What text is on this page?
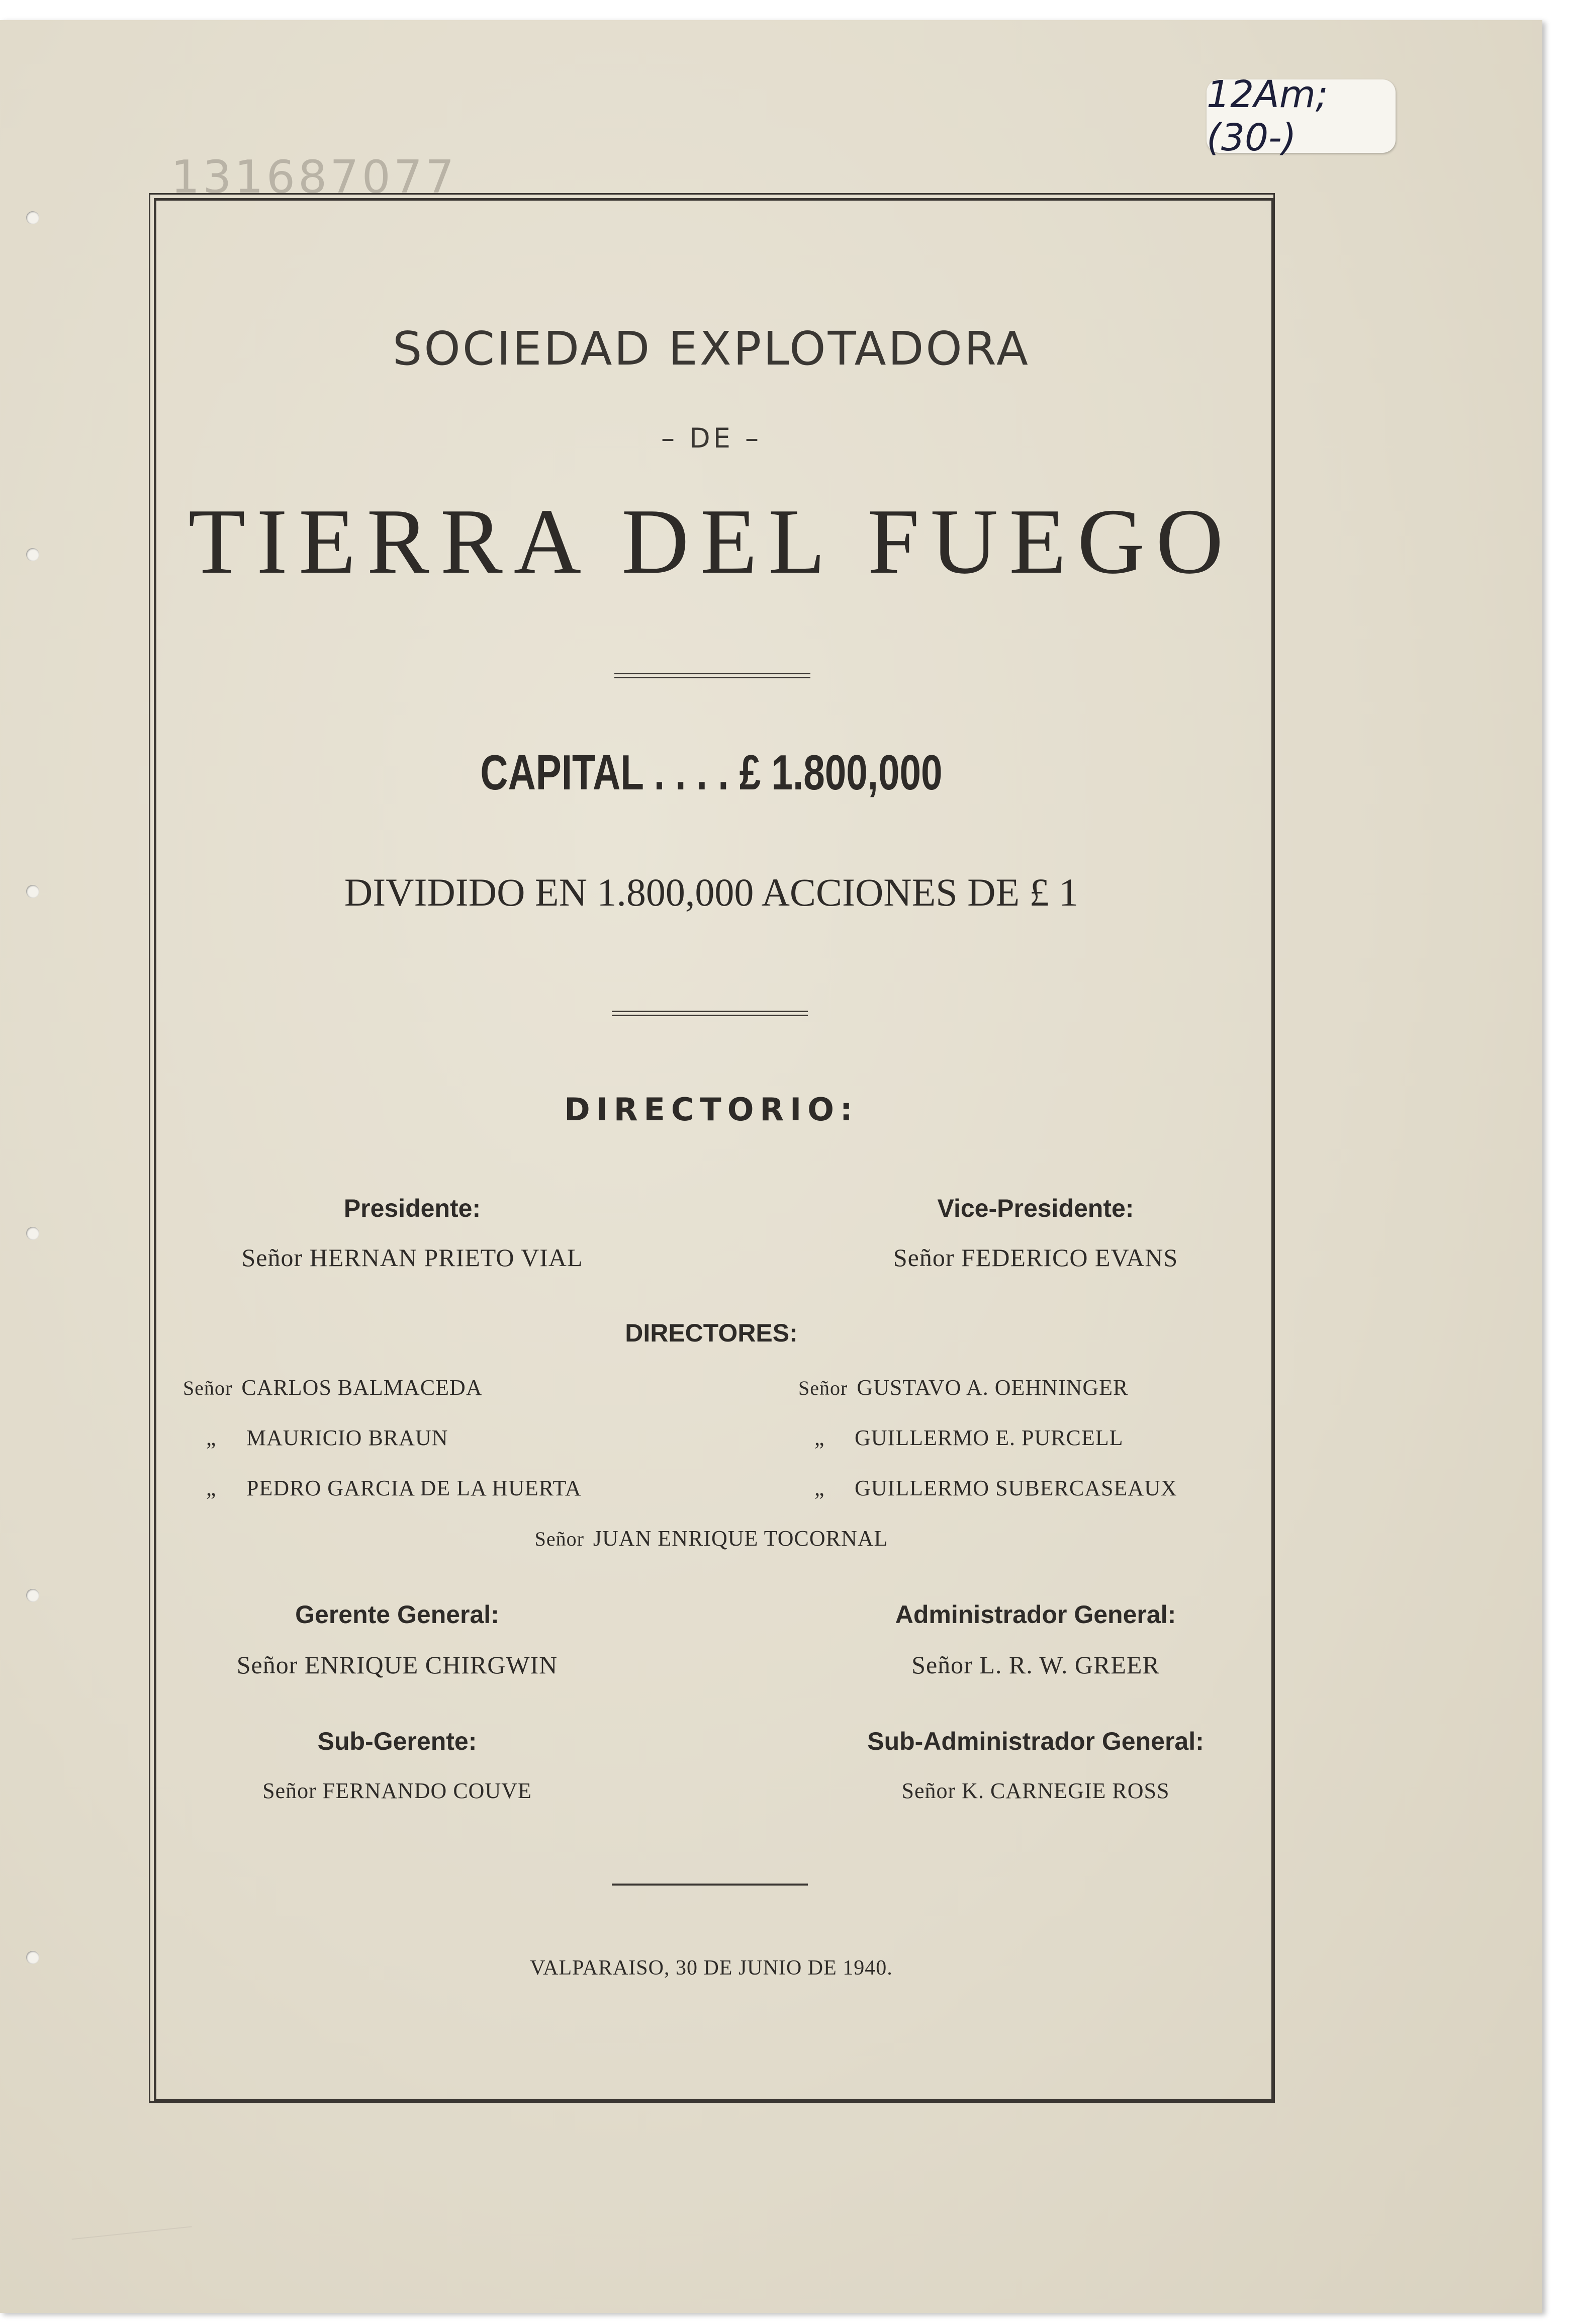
131687077
12Am; (30-)
SOCIEDAD EXPLOTADORA
– DE –
TIERRA DEL FUEGO
CAPITAL . . . . £ 1.800,000
DIVIDIDO EN 1.800,000 ACCIONES DE £ 1
DIRECTORIO:
Presidente:
Señor HERNAN PRIETO VIAL
Vice-Presidente:
Señor FEDERICO EVANS
DIRECTORES:
Señor CARLOS BALMACEDA
„ MAURICIO BRAUN
„ PEDRO GARCIA DE LA HUERTA
Señor GUSTAVO A. OEHNINGER
„ GUILLERMO E. PURCELL
„ GUILLERMO SUBERCASEAUX
Señor JUAN ENRIQUE TOCORNAL
Gerente General:
Señor ENRIQUE CHIRGWIN
Administrador General:
Señor L. R. W. GREER
Sub-Gerente:
Señor FERNANDO COUVE
Sub-Administrador General:
Señor K. CARNEGIE ROSS
VALPARAISO, 30 DE JUNIO DE 1940.
